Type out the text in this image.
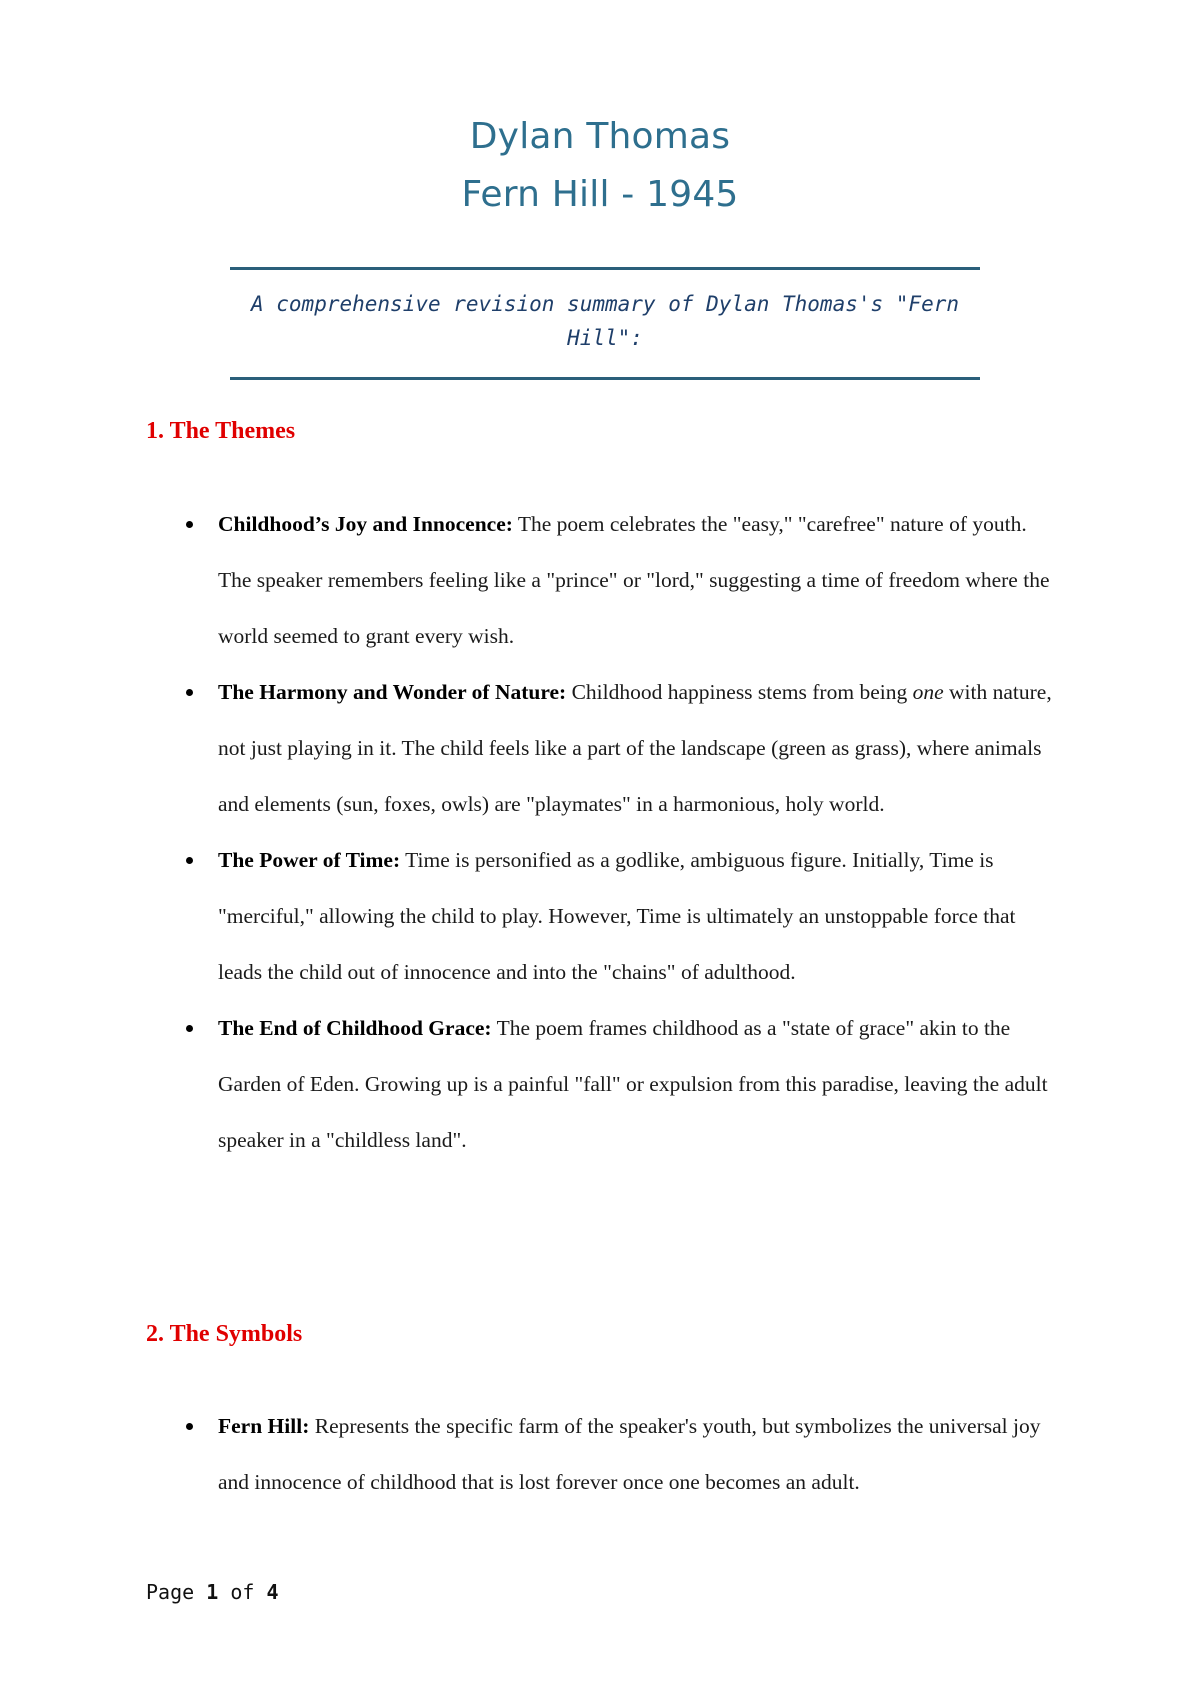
Dylan Thomas
Fern Hill - 1945
A comprehensive revision summary of Dylan Thomas's "Fern Hill":
1. The Themes
Childhood’s Joy and Innocence: The poem celebrates the "easy," "carefree" nature of youth. The speaker remembers feeling like a "prince" or "lord," suggesting a time of freedom where the world seemed to grant every wish.
The Harmony and Wonder of Nature: Childhood happiness stems from being one with nature, not just playing in it. The child feels like a part of the landscape (green as grass), where animals and elements (sun, foxes, owls) are "playmates" in a harmonious, holy world.
The Power of Time: Time is personified as a godlike, ambiguous figure. Initially, Time is "merciful," allowing the child to play. However, Time is ultimately an unstoppable force that leads the child out of innocence and into the "chains" of adulthood.
The End of Childhood Grace: The poem frames childhood as a "state of grace" akin to the Garden of Eden. Growing up is a painful "fall" or expulsion from this paradise, leaving the adult speaker in a "childless land".
2. The Symbols
Fern Hill: Represents the specific farm of the speaker's youth, but symbolizes the universal joy and innocence of childhood that is lost forever once one becomes an adult.
Page 1 of 4
